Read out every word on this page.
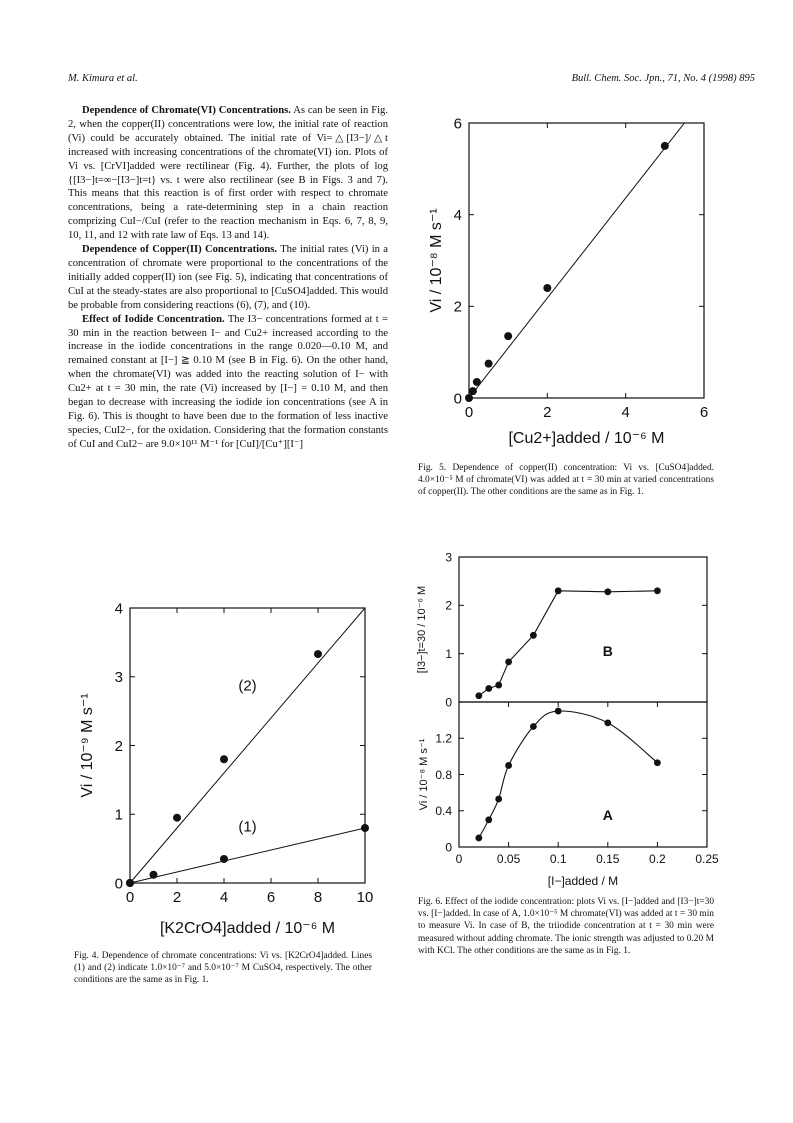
M. Kimura et al.	Bull. Chem. Soc. Jpn., 71, No. 4 (1998) 895

Dependence of Chromate(VI) Concentrations. As can be seen in Fig. 2, when the copper(II) concentrations were low, the initial rate of reaction (Vi) could be accurately obtained. The initial rate of Vi=△[I3−]/△t increased with increasing concentrations of the chromate(VI) ion. Plots of Vi vs. [CrVI]added were rectilinear (Fig. 4). Further, the plots of log {[I3−]t=∞−[I3−]t=t} vs. t were also rectilinear (see B in Figs. 3 and 7). This means that this reaction is of first order with respect to chromate concentrations, being a rate-determining step in a chain reaction comprizing CuI−/CuI (refer to the reaction mechanism in Eqs. 6, 7, 8, 9, 10, 11, and 12 with rate law of Eqs. 13 and 14).

Dependence of Copper(II) Concentrations. The initial rates (Vi) in a concentration of chromate were proportional to the concentrations of the initially added copper(II) ion (see Fig. 5), indicating that concentrations of CuI at the steady-states are also proportional to [CuSO4]added. This would be probable from considering reactions (6), (7), and (10).

Effect of Iodide Concentration. The I3− concentrations formed at t = 30 min in the reaction between I− and Cu2+ increased according to the increase in the iodide concentrations in the range 0.020—0.10 M, and remained constant at [I−] ≧ 0.10 M (see B in Fig. 6). On the other hand, when the chromate(VI) was added into the reacting solution of I− with Cu2+ at t = 30 min, the rate (Vi) increased by [I−] = 0.10 M, and then began to decrease with increasing the iodide ion concentrations (see A in Fig. 6). This is thought to have been due to the formation of less inactive species, CuI2−, for the oxidation. Considering that the formation constants of CuI and CuI2− are 9.0×10¹¹ M⁻¹ for [CuI]/[Cu⁺][I⁻]

0
1
2
3
4
0	2	4	6	8 10
(1)
(2)
[K2CrO4]added / 10⁻⁶ M
Vi / 10⁻⁹ M s⁻¹
Fig. 4. Dependence of chromate concentrations: Vi vs. [K2CrO4]added. Lines (1) and (2) indicate 1.0×10⁻⁷ and 5.0×10⁻⁷ M CuSO4, respectively. The other conditions are the same as in Fig. 1.
0
2
4
6
0	2	4	6
[Cu2+]added / 10⁻⁶ M
Vi / 10⁻⁸ M s⁻¹
Fig. 5. Dependence of copper(II) concentration: Vi vs. [CuSO4]added. 4.0×10⁻⁵ M of chromate(VI) was added at t = 30 min at varied concentrations of copper(II). The other conditions are the same as in Fig. 1.
0
1
2
3
B
0
0.4
0.8
1.2
0	0.05 0.1 0.15 0.2 0.25
A
[I−]added / M
[I3−]t=30 / 10⁻⁶ M
Vi / 10⁻⁸ M s⁻¹
Fig. 6. Effect of the iodide concentration: plots Vi vs. [I−]added and [I3−]t=30 vs. [I−]added. In case of A, 1.0×10⁻⁵ M chromate(VI) was added at t = 30 min to measure Vi. In case of B, the triiodide concentration at t = 30 min were measured without adding chromate. The ionic strength was adjusted to 0.20 M with KCl. The other conditions are the same as in Fig. 1.
